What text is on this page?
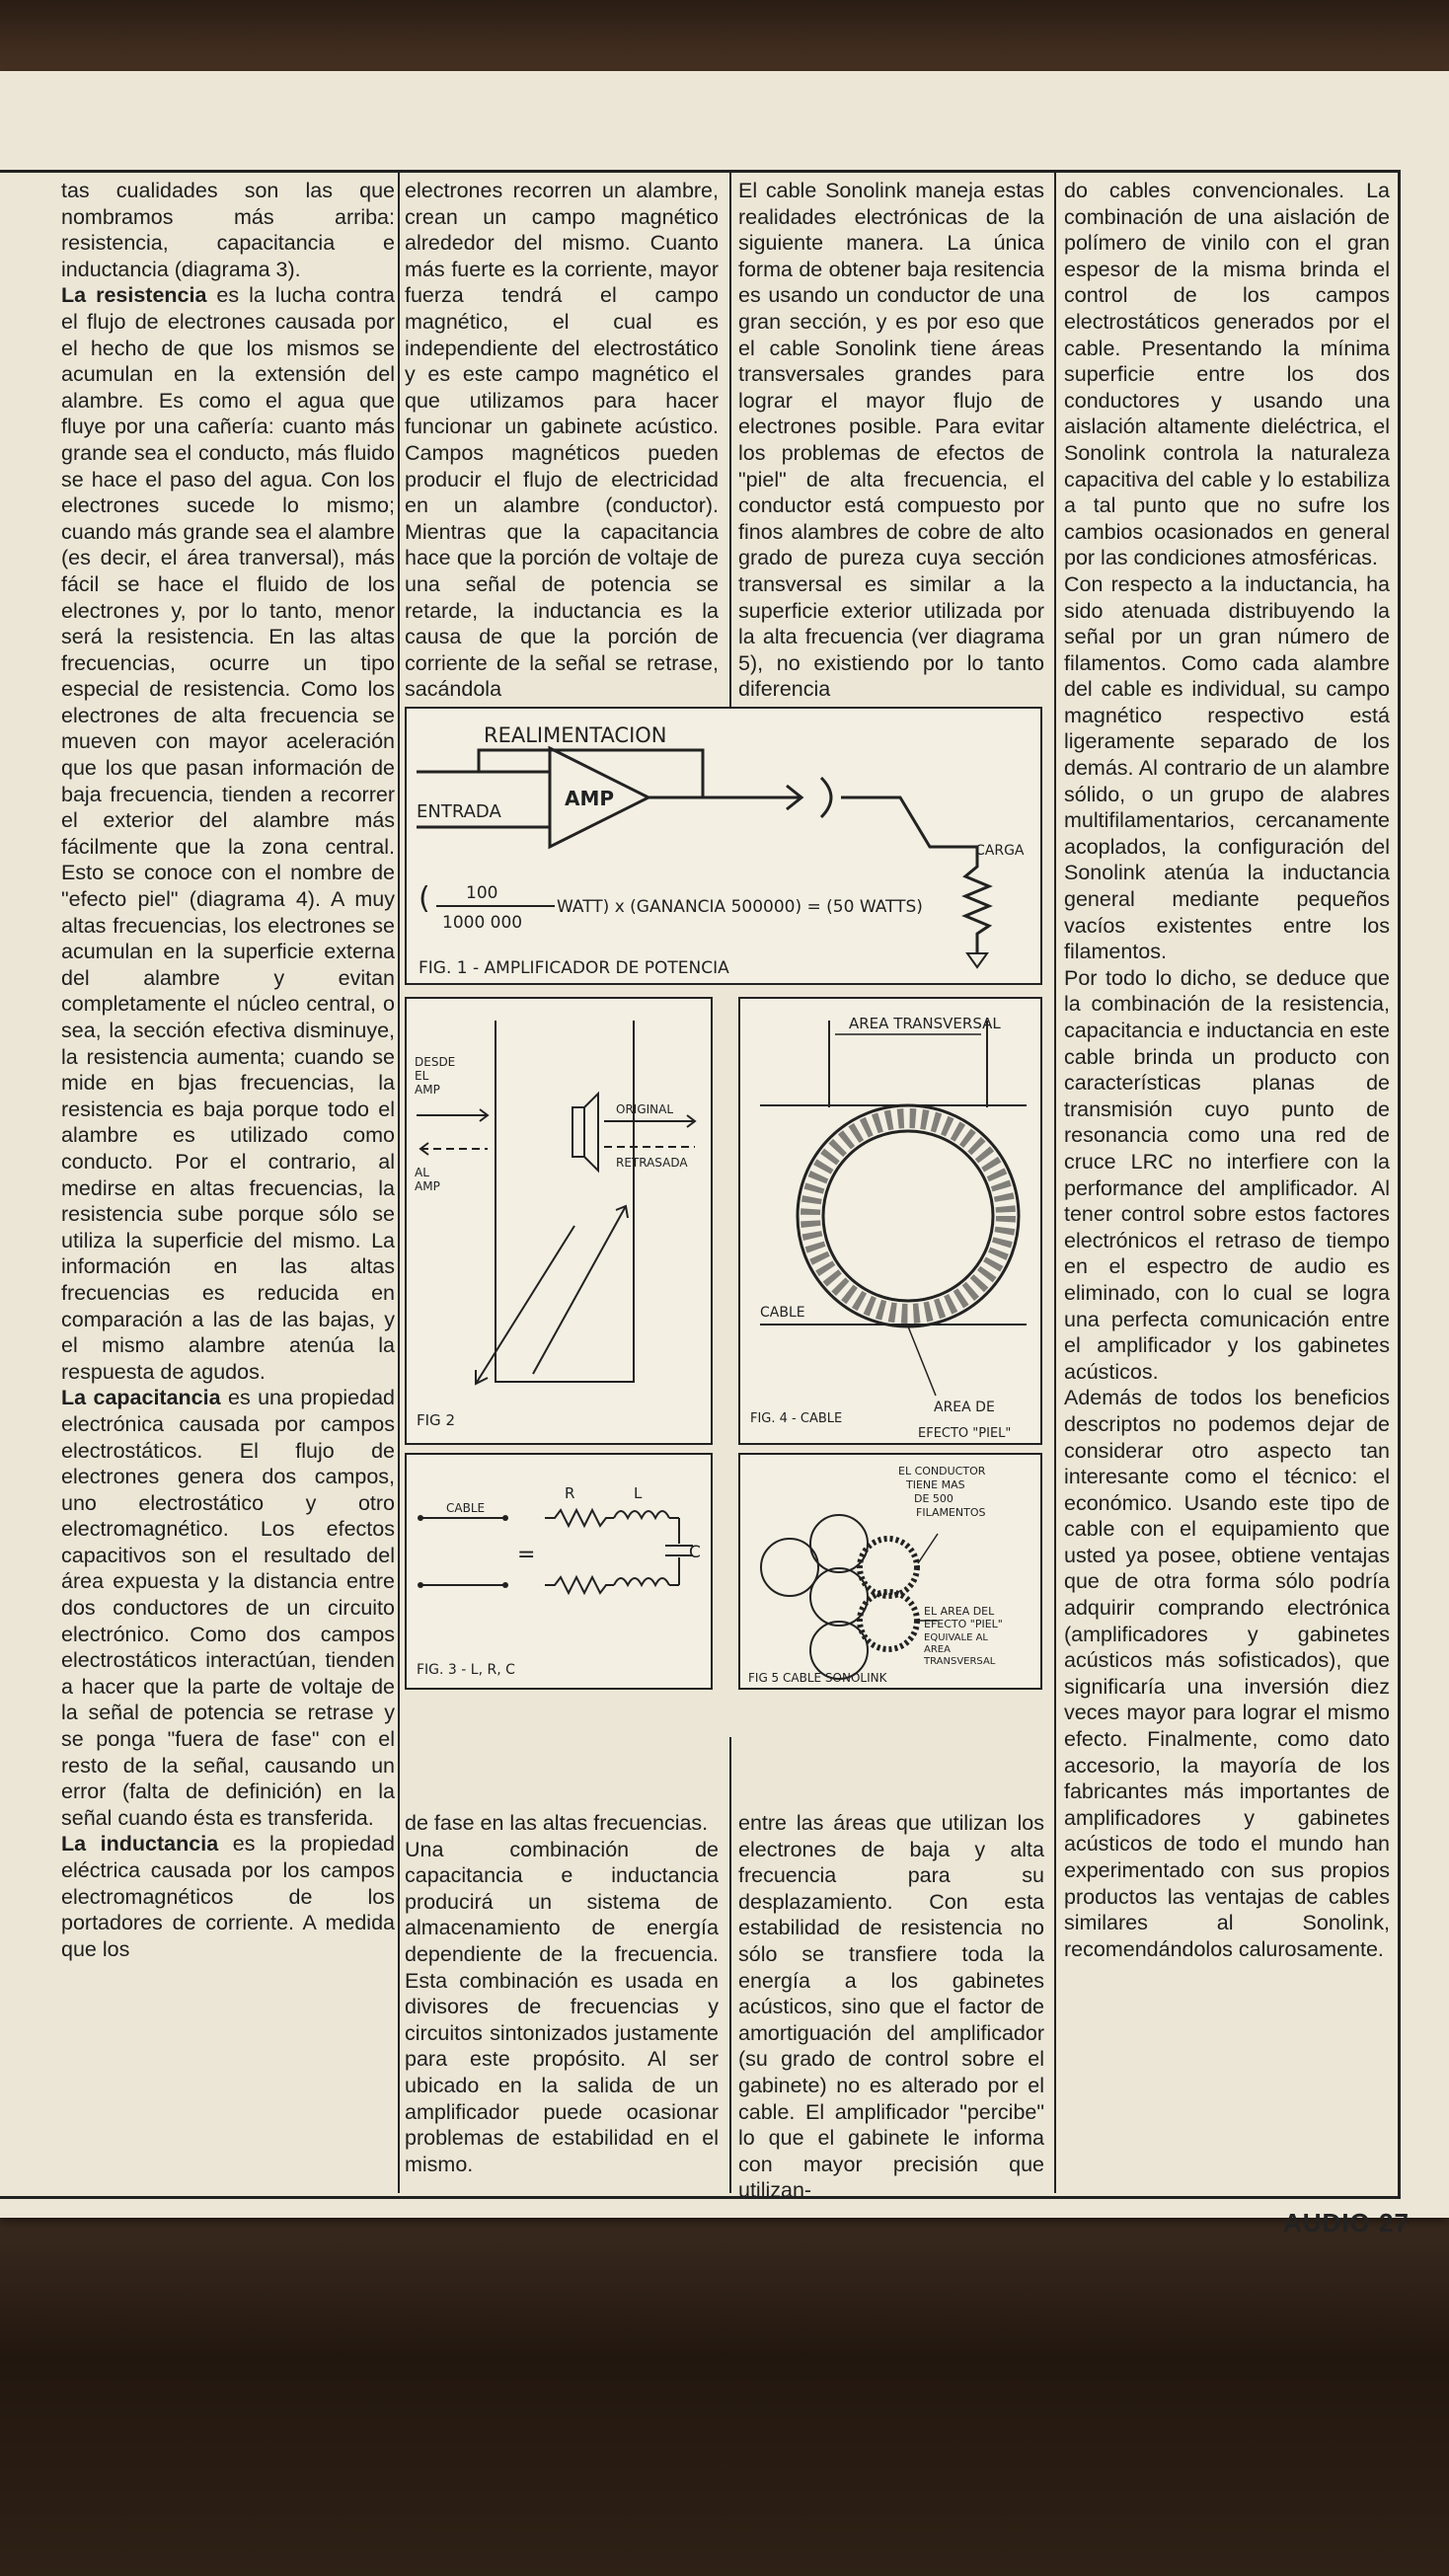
tas cualidades son las que nombramos más arriba: resistencia, capacitancia e inductancia (diagrama 3).

La resistencia es la lucha contra el flujo de electrones causada por el hecho de que los mismos se acumulan en la extensión del alambre. Es como el agua que fluye por una cañería: cuanto más grande sea el conducto, más fluido se hace el paso del agua. Con los electrones sucede lo mismo; cuando más grande sea el alambre (es decir, el área tranversal), más fácil se hace el fluido de los electrones y, por lo tanto, menor será la resistencia. En las altas frecuencias, ocurre un tipo especial de resistencia. Como los electrones de alta frecuencia se mueven con mayor aceleración que los que pasan información de baja frecuencia, tienden a recorrer el exterior del alambre más fácilmente que la zona central. Esto se conoce con el nombre de "efecto piel" (diagrama 4). A muy altas frecuencias, los electrones se acumulan en la superficie externa del alambre y evitan completamente el núcleo central, o sea, la sección efectiva disminuye, la resistencia aumenta; cuando se mide en bjas frecuencias, la resistencia es baja porque todo el alambre es utilizado como conducto. Por el contrario, al medirse en altas frecuencias, la resistencia sube porque sólo se utiliza la superficie del mismo. La información en las altas frecuencias es reducida en comparación a las de las bajas, y el mismo alambre atenúa la respuesta de agudos.

La capacitancia es una propiedad electrónica causada por campos electrostáticos. El flujo de electrones genera dos campos, uno electrostático y otro electromagnético. Los efectos capacitivos son el resultado del área expuesta y la distancia entre dos conductores de un circuito electrónico. Como dos campos electrostáticos interactúan, tienden a hacer que la parte de voltaje de la señal de potencia se retrase y se ponga "fuera de fase" con el resto de la señal, causando un error (falta de definición) en la señal cuando ésta es transferida.

La inductancia es la propiedad eléctrica causada por los campos electromagnéticos de los portadores de corriente. A medida que los

electrones recorren un alambre, crean un campo magnético alrededor del mismo. Cuanto más fuerte es la corriente, mayor fuerza tendrá el campo magnético, el cual es independiente del electrostático y es este campo magnético el que utilizamos para hacer funcionar un gabinete acústico. Campos magnéticos pueden producir el flujo de electricidad en un alambre (conductor). Mientras que la capacitancia hace que la porción de voltaje de una señal de potencia se retarde, la inductancia es la causa de que la porción de corriente de la señal se retrase, sacándola

El cable Sonolink maneja estas realidades electrónicas de la siguiente manera. La única forma de obtener baja resitencia es usando un conductor de una gran sección, y es por eso que el cable Sonolink tiene áreas transversales grandes para lograr el mayor flujo de electrones posible. Para evitar los problemas de efectos de "piel" de alta frecuencia, el conductor está compuesto por finos alambres de cobre de alto grado de pureza cuya sección transversal es similar a la superficie exterior utilizada por la alta frecuencia (ver diagrama 5), no existiendo por lo tanto diferencia

do cables convencionales. La combinación de una aislación de polímero de vinilo con el gran espesor de la misma brinda el control de los campos electrostáticos generados por el cable. Presentando la mínima superficie entre los dos conductores y usando una aislación altamente dieléctrica, el Sonolink controla la naturaleza capacitiva del cable y lo estabiliza a tal punto que no sufre los cambios ocasionados en general por las condiciones atmosféricas.

Con respecto a la inductancia, ha sido atenuada distribuyendo la señal por un gran número de filamentos. Como cada alambre del cable es individual, su campo magnético respectivo está ligeramente separado de los demás. Al contrario de un alambre sólido, o un grupo de alabres multifilamentarios, cercanamente acoplados, la configuración del Sonolink atenúa la inductancia general mediante pequeños vacíos existentes entre los filamentos.

Por todo lo dicho, se deduce que la combinación de la resistencia, capacitancia e inductancia en este cable brinda un producto con características planas de transmisión cuyo punto de resonancia como una red de cruce LRC no interfiere con la performance del amplificador. Al tener control sobre estos factores electrónicos el retraso de tiempo en el espectro de audio es eliminado, con lo cual se logra una perfecta comunicación entre el amplificador y los gabinetes acústicos.

Además de todos los beneficios descriptos no podemos dejar de considerar otro aspecto tan interesante como el técnico: el económico. Usando este tipo de cable con el equipamiento que usted ya posee, obtiene ventajas que de otra forma sólo podría adquirir comprando electrónica (amplificadores y gabinetes acústicos más sofisticados), que significaría una inversión diez veces mayor para lograr el mismo efecto. Finalmente, como dato accesorio, la mayoría de los fabricantes más importantes de amplificadores y gabinetes acústicos de todo el mundo han experimentado con sus propios productos las ventajas de cables similares al Sonolink, recomendándolos calurosamente.

REALIMENTACION
AMP
ENTRADA
CARGA
( 100
1000 000
WATT) x (GANANCIA 500000) = (50 WATTS)
FIG. 1 - AMPLIFICADOR DE POTENCIA
DESDE
EL
AMP
AL
AMP
ORIGINAL
RETRASADA
FIG 2
AREA TRANSVERSAL
CABLE
AREA DE
EFECTO "PIEL"
FIG. 4 - CABLE
CABLE
=
R	L
C
FIG. 3 - L, R, C
EL CONDUCTOR
TIENE MAS
DE 500
FILAMENTOS
EL AREA DEL
EFECTO "PIEL"
EQUIVALE AL
AREA
TRANSVERSAL
FIG 5 CABLE SONOLINK

de fase en las altas frecuencias.

Una combinación de capacitancia e inductancia producirá un sistema de almacenamiento de energía dependiente de la frecuencia. Esta combinación es usada en divisores de frecuencias y circuitos sintonizados justamente para este propósito. Al ser ubicado en la salida de un amplificador puede ocasionar problemas de estabilidad en el mismo.

entre las áreas que utilizan los electrones de baja y alta frecuencia para su desplazamiento. Con esta estabilidad de resistencia no sólo se transfiere toda la energía a los gabinetes acústicos, sino que el factor de amortiguación del amplificador (su grado de control sobre el gabinete) no es alterado por el cable. El amplificador "percibe" lo que el gabinete le informa con mayor precisión que utilizan-

AUDIO 27
